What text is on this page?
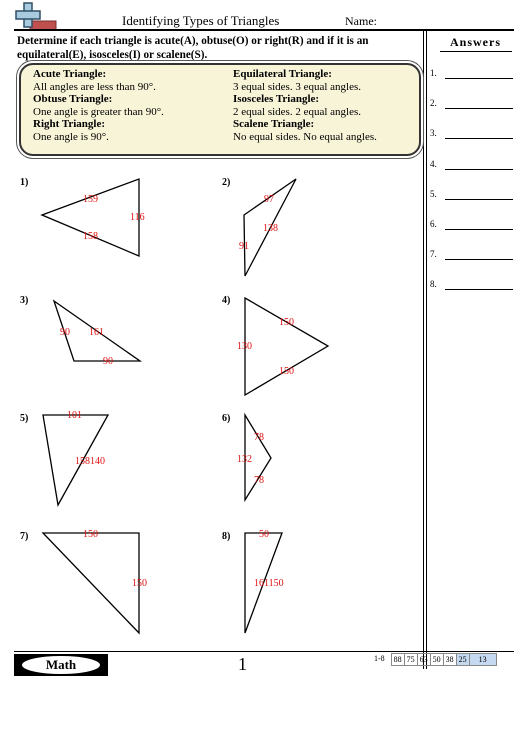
Identifying Types of Triangles	Name:
Determine if each triangle is acute(A), obtuse(O) or right(R) and if it is an equilateral(E), isosceles(I) or scalene(S).
Acute Triangle:
All angles are less than 90°.
Obtuse Triangle:
One angle is greater than 90°.
Right Triangle:
One angle is 90°.
Equilateral Triangle:
3 equal sides. 3 equal angles.
Isosceles Triangle:
2 equal sides. 2 equal angles.
Scalene Triangle:
No equal sides. No equal angles.
Answers
1.
2.
3.
4.
5.
6.
7.
8.
1)	2)
3)	4)
5)	6)
7)	8)
159
116
158
97
138
91
90 161
90
150
130
150
101
158140
78
132
78
150
150
50
161150
Math	1	1-8	88 75 63 50 38 25	13
